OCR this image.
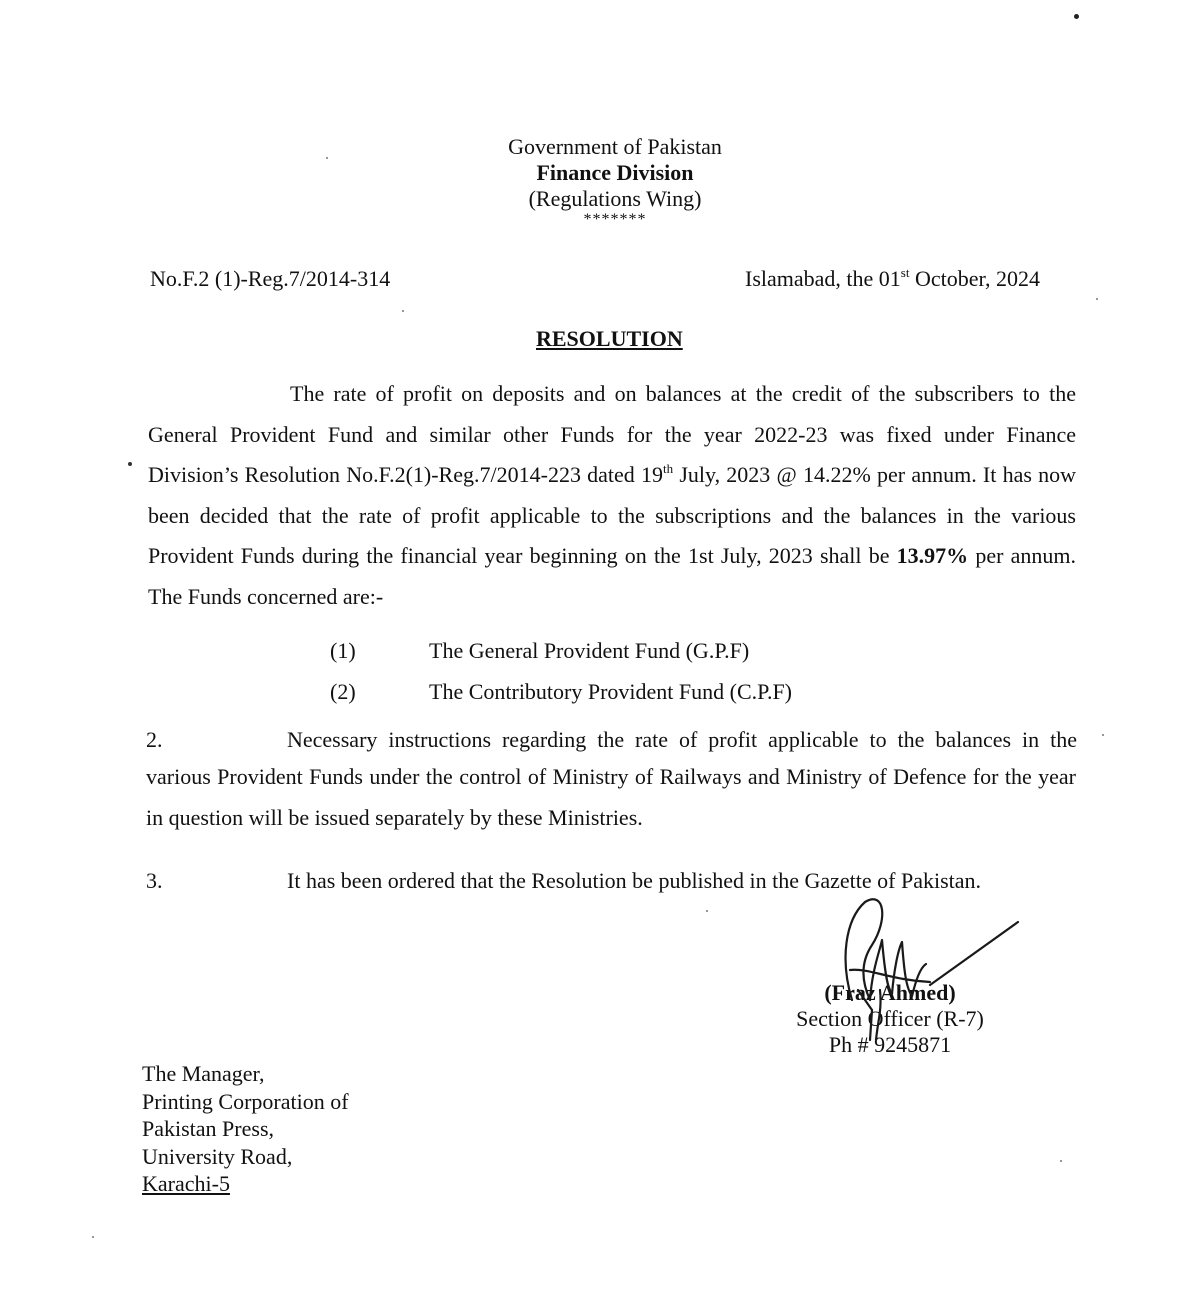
Government of Pakistan
Finance Division
(Regulations Wing)
*******
No.F.2 (1)-Reg.7/2014-314	Islamabad, the 01st October, 2024
RESOLUTION
The rate of profit on deposits and on balances at the credit of the subscribers to the General Provident Fund and similar other Funds for the year 2022-23 was fixed under Finance Division’s Resolution No.F.2(1)-Reg.7/2014-223 dated 19th July, 2023 @ 14.22% per annum. It has now been decided that the rate of profit applicable to the subscriptions and the balances in the various Provident Funds during the financial year beginning on the 1st July, 2023 shall be 13.97% per annum. The Funds concerned are:-
(1)	The General Provident Fund (G.P.F)
(2)	The Contributory Provident Fund (C.P.F)
2.	Necessary instructions regarding the rate of profit applicable to the balances in the
various Provident Funds under the control of Ministry of Railways and Ministry of Defence for the year in question will be issued separately by these Ministries.
3.	It has been ordered that the Resolution be published in the Gazette of Pakistan.
(Fraz Ahmed)
Section Officer (R-7)
Ph # 9245871
The Manager,
Printing Corporation of
Pakistan Press,
University Road,
Karachi-5
